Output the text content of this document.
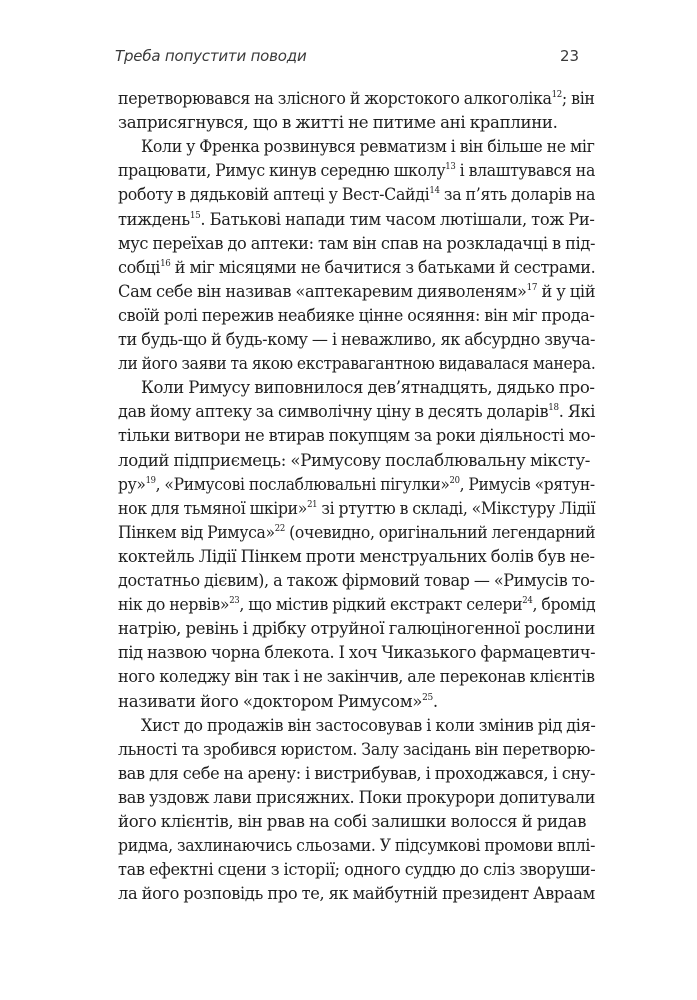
Треба попустити поводи	23
перетворювався на злісного й жорстокого алкоголіка$^{12}$; він
заприсягнувся, що в житті не питиме ані краплини.
Коли у Френка розвинувся ревматизм і він більше не міг
працювати, Римус кинув середню школу$^{13}$ і влаштувався на
роботу в дядьковій аптеці у Вест-Сайді$^{14}$ за п’ять доларів на
тиждень$^{15}$. Батькові напади тим часом лютішали, тож Ри-
мус переїхав до аптеки: там він спав на розкладачці в під-
собці$^{16}$ й міг місяцями не бачитися з батьками й сестрами.
Сам себе він називав «аптекаревим дияволеням»$^{17}$ й у цій
своїй ролі пережив неабияке цінне осяяння: він міг прода-
ти будь-що й будь-кому — і неважливо, як абсурдно звуча-
ли його заяви та якою екстравагантною видавалася манера.
Коли Римусу виповнилося дев’ятнадцять, дядько про-
дав йому аптеку за символічну ціну в десять доларів$^{18}$. Які
тільки витвори не втирав покупцям за роки діяльності мо-
лодий підприємець: «Римусову послаблювальну міксту-
ру»$^{19}$, «Римусові послаблювальні пігулки»$^{20}$, Римусів «рятун-
нок для тьмяної шкіри»$^{21}$ зі ртуттю в складі, «Мікстуру Лідії
Пінкем від Римуса»$^{22}$ (очевидно, оригінальний легендарний
коктейль Лідії Пінкем проти менструальних болів був не-
достатньо дієвим), а також фірмовий товар — «Римусів то-
нік до нервів»$^{23}$, що містив рідкий екстракт селери$^{24}$, бромід
натрію, ревінь і дрібку отруйної галюціногенної рослини
під назвою чорна блекота. І хоч Чиказького фармацевтич-
ного коледжу він так і не закінчив, але переконав клієнтів
називати його «доктором Римусом»$^{25}$.
Хист до продажів він застосовував і коли змінив рід дія-
льності та зробився юристом. Залу засідань він перетворю-
вав для себе на арену: і вистрибував, і проходжався, і сну-
вав уздовж лави присяжних. Поки прокурори допитували
його клієнтів, він рвав на собі залишки волосся й ридав
ридма, захлинаючись сльозами. У підсумкові промови вплі-
тав ефектні сцени з історії; одного суддю до сліз зворуши-
ла його розповідь про те, як майбутній президент Авраам
